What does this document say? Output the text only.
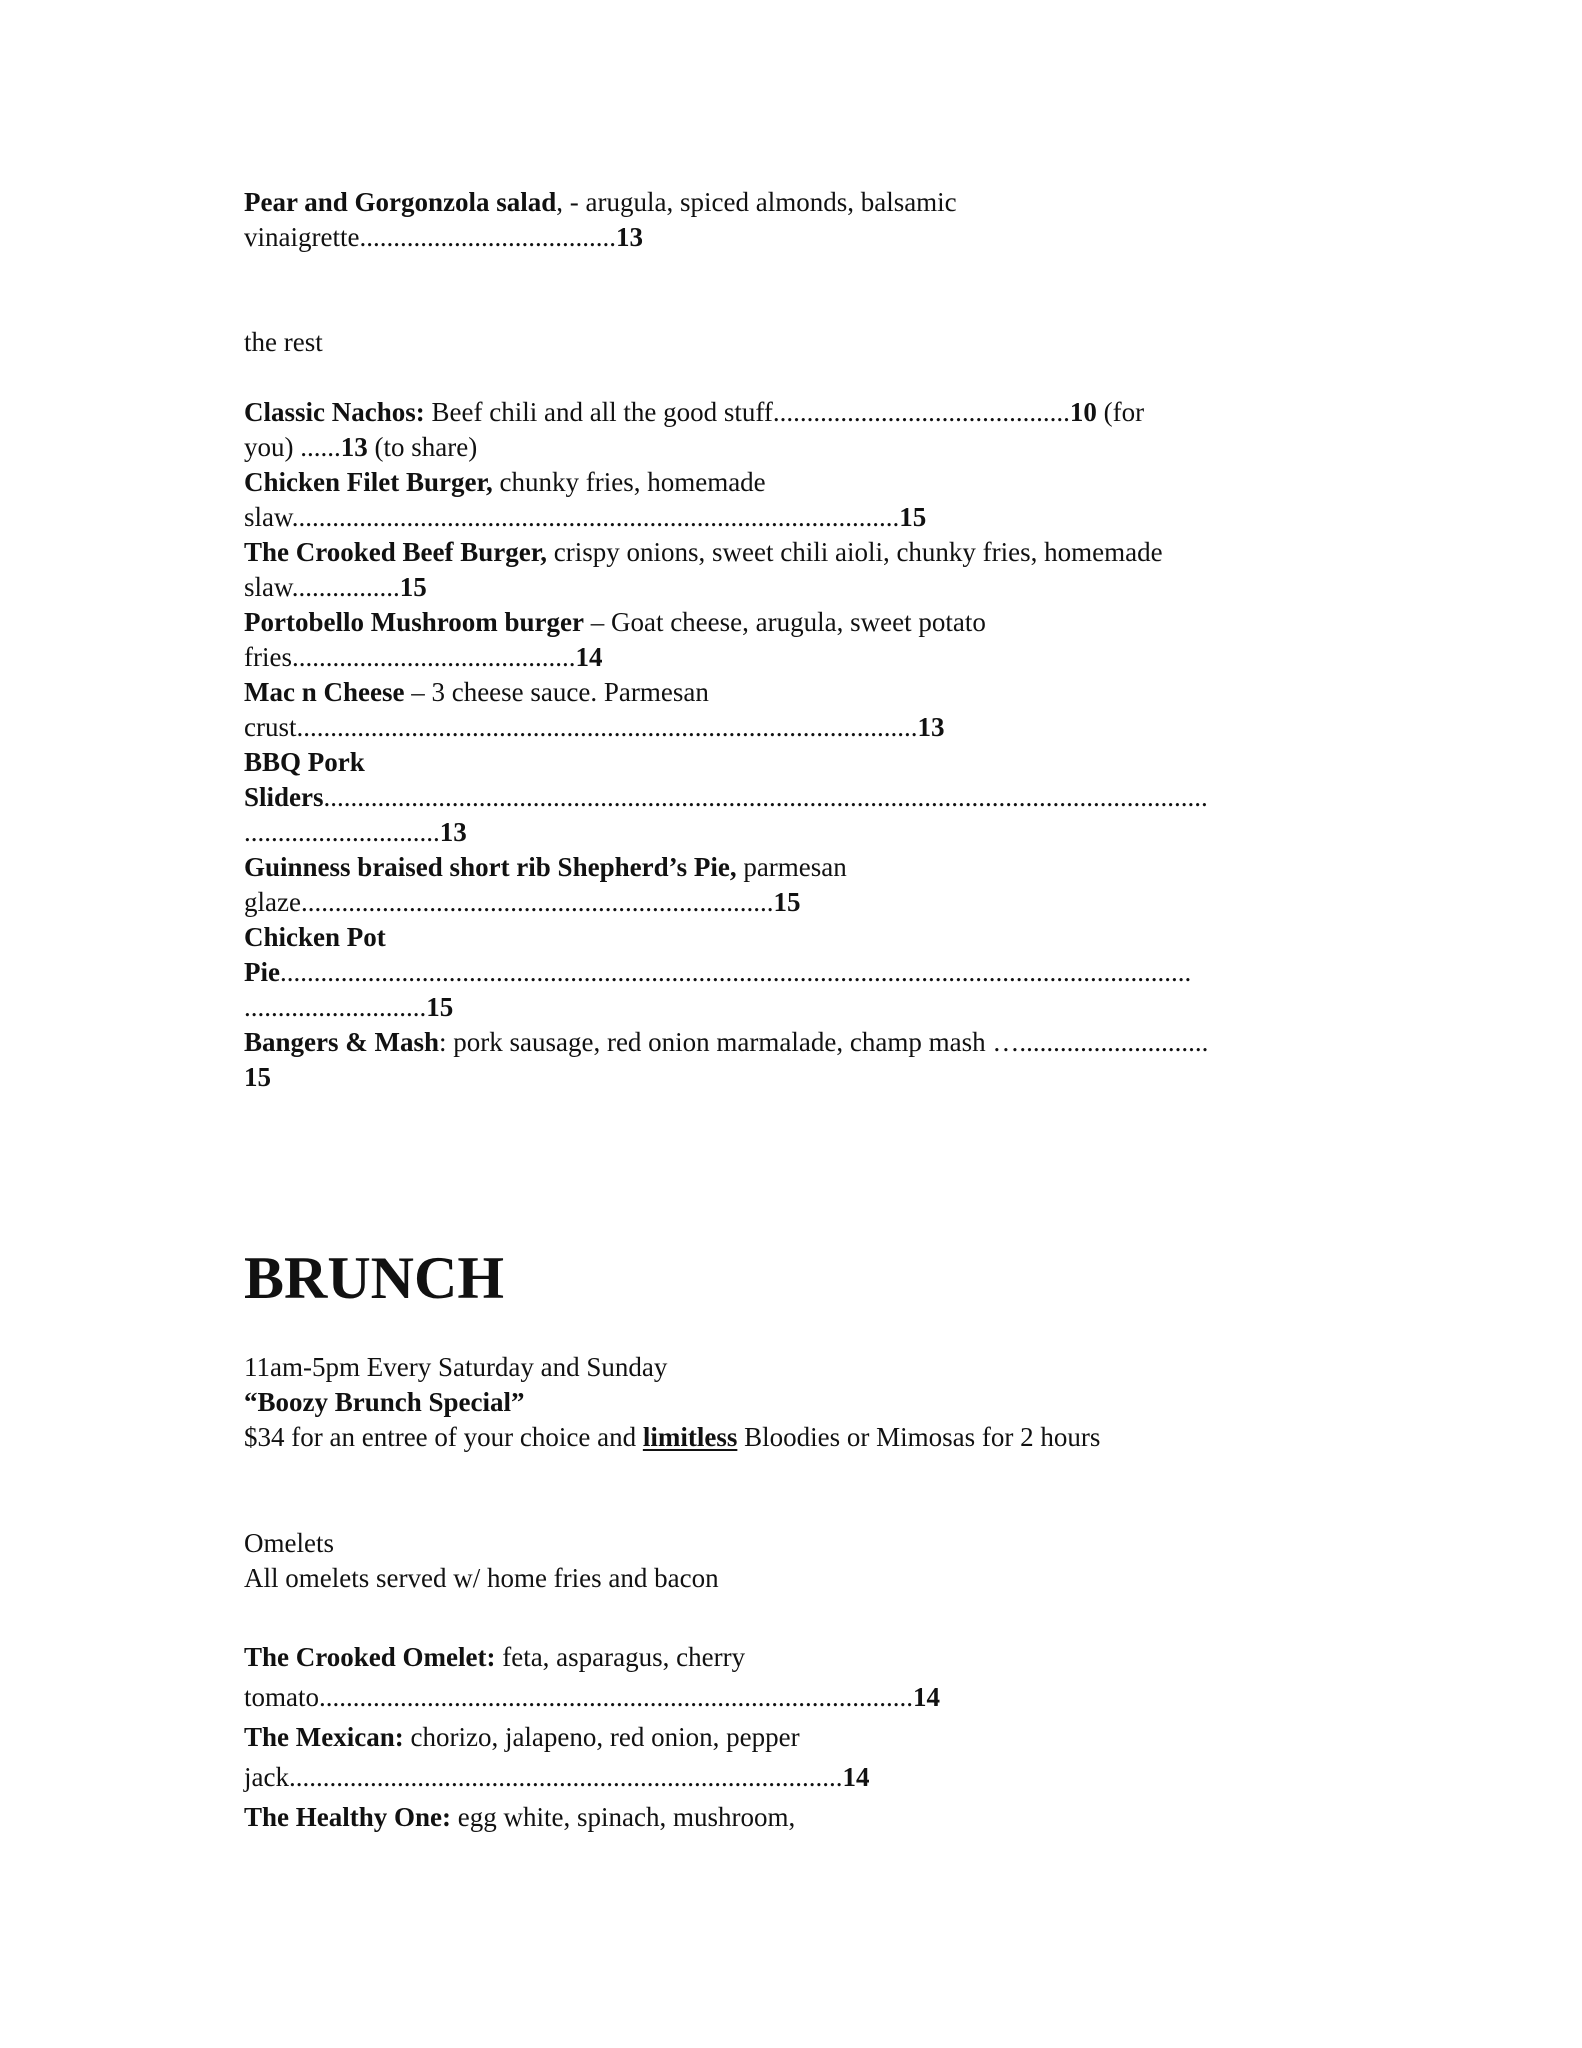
Pear and Gorgonzola salad, - arugula, spiced almonds, balsamic

vinaigrette......................................13

the rest

Classic Nachos: Beef chili and all the good stuff............................................10 (for

you) ......13 (to share)

Chicken Filet Burger, chunky fries, homemade

slaw..........................................................................................15

The Crooked Beef Burger, crispy onions, sweet chili aioli, chunky fries, homemade

slaw................15

Portobello Mushroom burger – Goat cheese, arugula, sweet potato

fries..........................................14

Mac n Cheese – 3 cheese sauce. Parmesan

crust............................................................................................13

BBQ Pork

Sliders...................................................................................................................................

.............................13

Guinness braised short rib Shepherd’s Pie, parmesan

glaze......................................................................15

Chicken Pot

Pie.......................................................................................................................................

...........................15

Bangers & Mash: pork sausage, red onion marmalade, champ mash …............................

15

BRUNCH

11am-5pm Every Saturday and Sunday

“Boozy Brunch Special”

$34 for an entree of your choice and limitless Bloodies or Mimosas for 2 hours

Omelets

All omelets served w/ home fries and bacon

The Crooked Omelet: feta, asparagus, cherry

tomato........................................................................................14

The Mexican: chorizo, jalapeno, red onion, pepper

jack..................................................................................14

The Healthy One: egg white, spinach, mushroom,
